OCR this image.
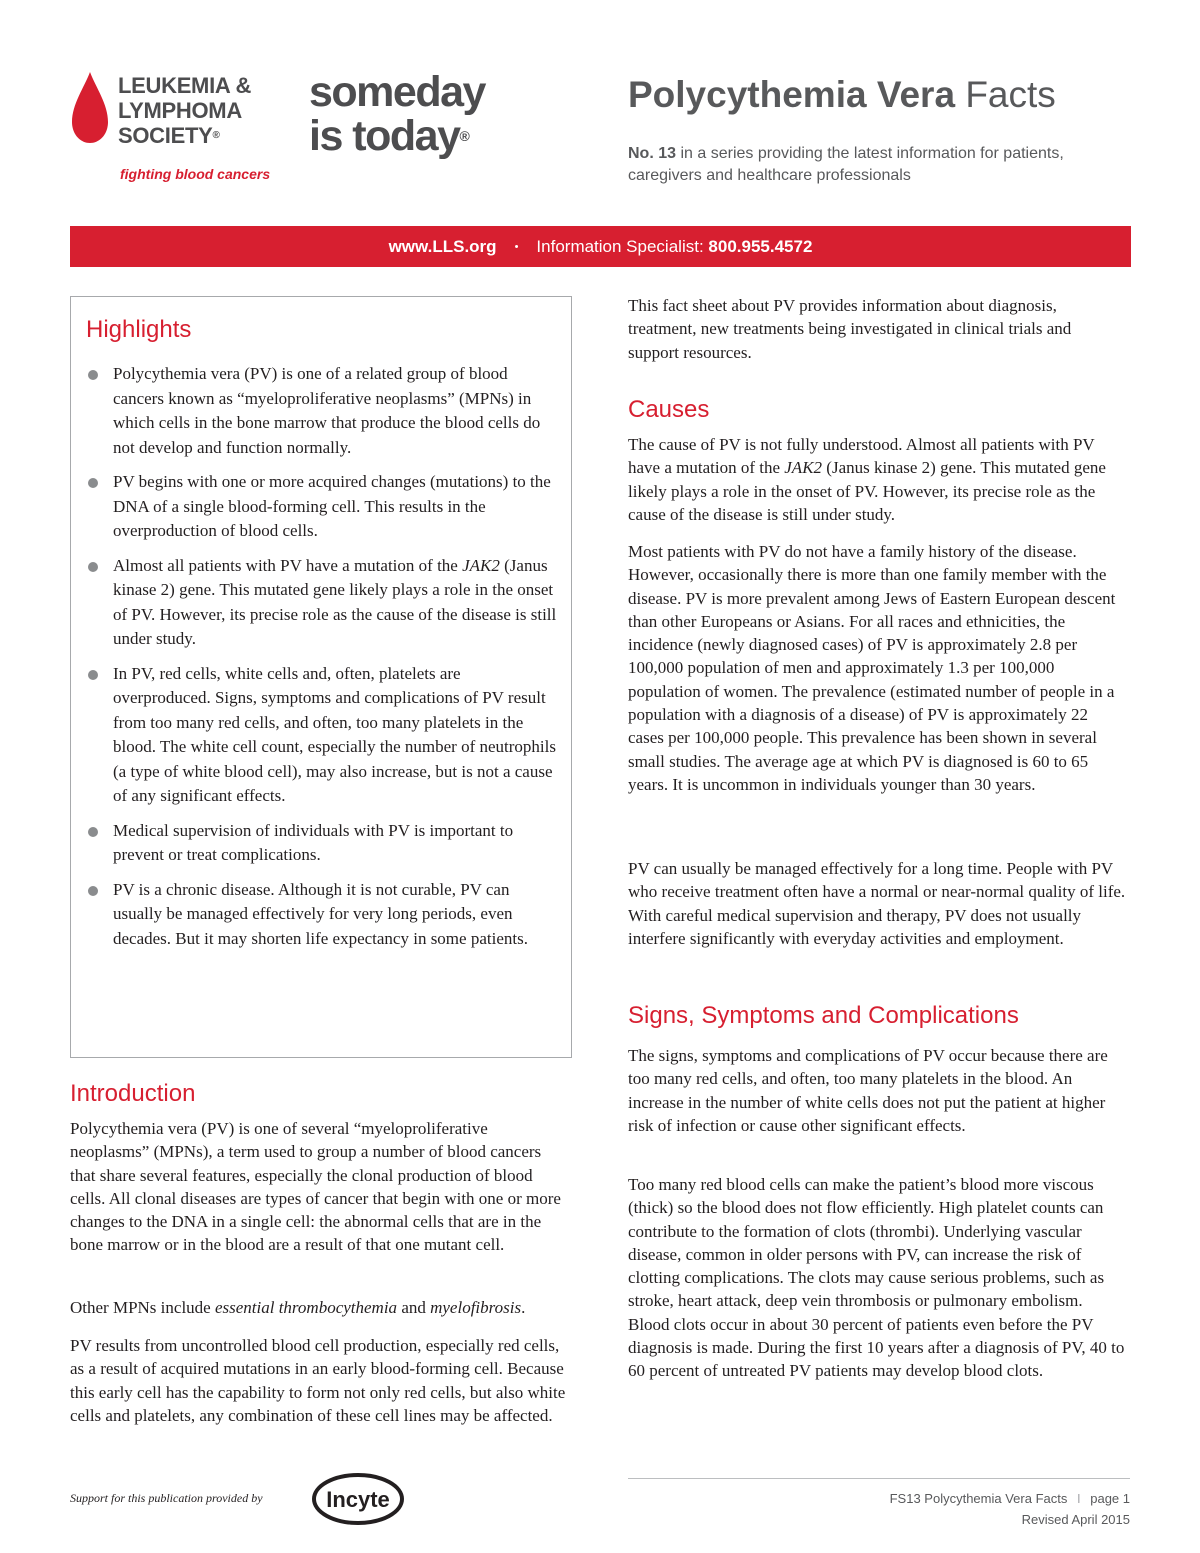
LEUKEMIA &
LYMPHOMA
SOCIETY®
fighting blood cancers
someday
is today®
Polycythemia Vera Facts
No. 13 in a series providing the latest information for patients, caregivers and healthcare professionals
www.LLS.org • Information Specialist: 800.955.4572
Highlights
Polycythemia vera (PV) is one of a related group of blood cancers known as “myeloproliferative neoplasms” (MPNs) in which cells in the bone marrow that produce the blood cells do not develop and function normally.
PV begins with one or more acquired changes (mutations) to the DNA of a single blood-forming cell. This results in the overproduction of blood cells.
Almost all patients with PV have a mutation of the JAK2 (Janus kinase 2) gene. This mutated gene likely plays a role in the onset of PV. However, its precise role as the cause of the disease is still under study.
In PV, red cells, white cells and, often, platelets are overproduced. Signs, symptoms and complications of PV result from too many red cells, and often, too many platelets in the blood. The white cell count, especially the number of neutrophils (a type of white blood cell), may also increase, but is not a cause of any significant effects.
Medical supervision of individuals with PV is important to prevent or treat complications.
PV is a chronic disease. Although it is not curable, PV can usually be managed effectively for very long periods, even decades. But it may shorten life expectancy in some patients.
Introduction

Polycythemia vera (PV) is one of several “myeloproliferative neoplasms” (MPNs), a term used to group a number of blood cancers that share several features, especially the clonal production of blood cells. All clonal diseases are types of cancer that begin with one or more changes to the DNA in a single cell: the abnormal cells that are in the bone marrow or in the blood are a result of that one mutant cell.

Other MPNs include essential thrombocythemia and myelofibrosis.

PV results from uncontrolled blood cell production, especially red cells, as a result of acquired mutations in an early blood-forming cell. Because this early cell has the capability to form not only red cells, but also white cells and platelets, any combination of these cell lines may be affected.

This fact sheet about PV provides information about diagnosis, treatment, new treatments being investigated in clinical trials and support resources.

Causes

The cause of PV is not fully understood. Almost all patients with PV have a mutation of the JAK2 (Janus kinase 2) gene. This mutated gene likely plays a role in the onset of PV. However, its precise role as the cause of the disease is still under study.

Most patients with PV do not have a family history of the disease. However, occasionally there is more than one family member with the disease. PV is more prevalent among Jews of Eastern European descent than other Europeans or Asians. For all races and ethnicities, the incidence (newly diagnosed cases) of PV is approximately 2.8 per 100,000 population of men and approximately 1.3 per 100,000 population of women. The prevalence (estimated number of people in a population with a diagnosis of a disease) of PV is approximately 22 cases per 100,000 people. This prevalence has been shown in several small studies. The average age at which PV is diagnosed is 60 to 65 years. It is uncommon in individuals younger than 30 years.

PV can usually be managed effectively for a long time. People with PV who receive treatment often have a normal or near-normal quality of life. With careful medical supervision and therapy, PV does not usually interfere significantly with everyday activities and employment.

Signs, Symptoms and Complications

The signs, symptoms and complications of PV occur because there are too many red cells, and often, too many platelets in the blood. An increase in the number of white cells does not put the patient at higher risk of infection or cause other significant effects.

Too many red blood cells can make the patient’s blood more viscous (thick) so the blood does not flow efficiently. High platelet counts can contribute to the formation of clots (thrombi). Underlying vascular disease, common in older persons with PV, can increase the risk of clotting complications. The clots may cause serious problems, such as stroke, heart attack, deep vein thrombosis or pulmonary embolism. Blood clots occur in about 30 percent of patients even before the PV diagnosis is made. During the first 10 years after a diagnosis of PV, 40 to 60 percent of untreated PV patients may develop blood clots.

Support for this publication provided by	Incyte	FS13 Polycythemia Vera Facts I page 1
Revised April 2015
